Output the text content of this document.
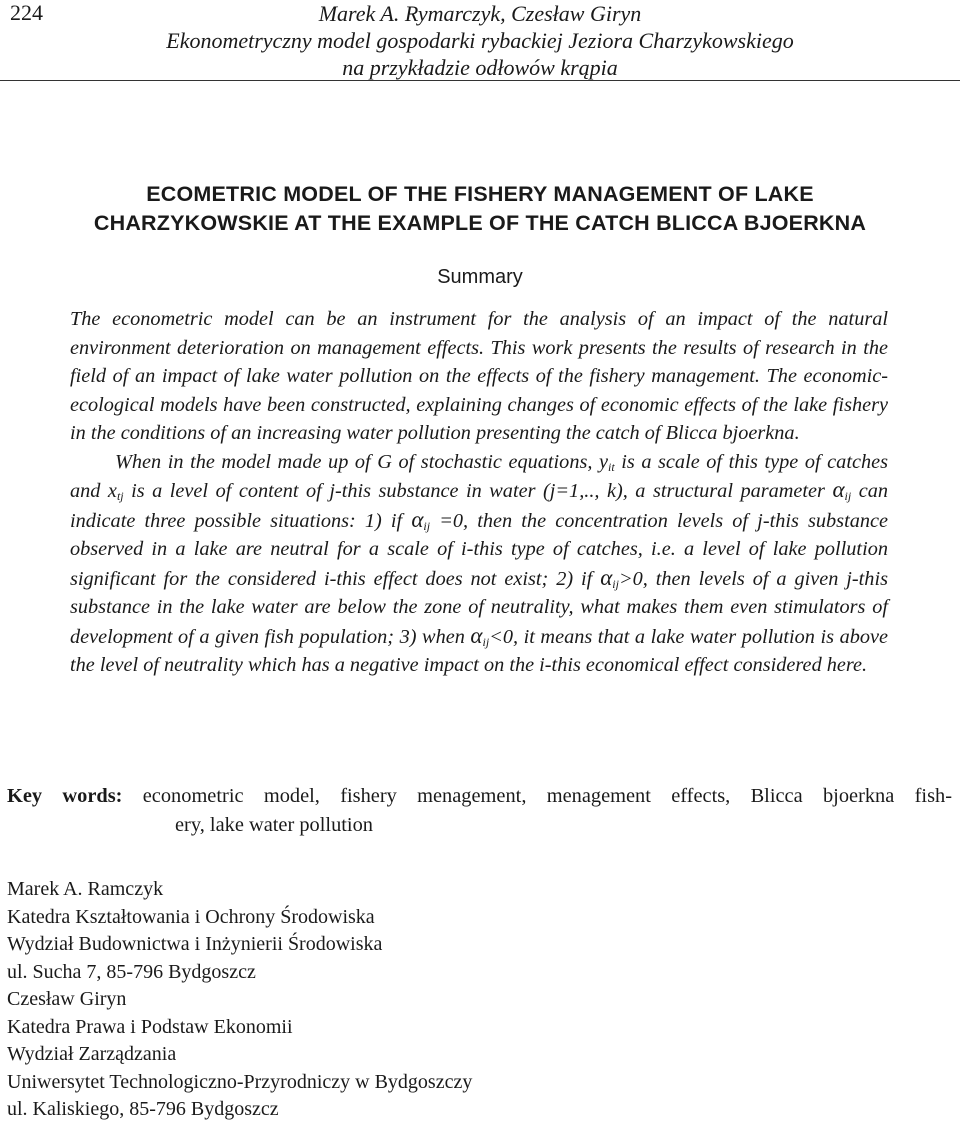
224	Marek A. Rymarczyk, Czesław Giryn
Ekonometryczny model gospodarki rybackiej Jeziora Charzykowskiego
na przykładzie odłowów krąpia
ECOMETRIC MODEL OF THE FISHERY MANAGEMENT OF LAKE
CHARZYKOWSKIE AT THE EXAMPLE OF THE CATCH BLICCA BJOERKNA
Summary

The econometric model can be an instrument for the analysis of an impact of the natural environment deterioration on management effects. This work presents the results of research in the field of an impact of lake water pollution on the effects of the fishery management. The economic-ecological models have been constructed, explaining changes of economic effects of the lake fishery in the conditions of an increasing water pollution presenting the catch of Blicca bjoerkna.

When in the model made up of G of stochastic equations, $y_{it}$ is a scale of this type of catches and $x_{tj}$ is a level of content of j-this substance in water (j=1,.., k), a structural parameter $\alpha_{ij}$ can indicate three possible situations: 1) if $\alpha_{ij} =0$, then the concentration levels of j-this substance observed in a lake are neutral for a scale of i-this type of catches, i.e. a level of lake pollution significant for the considered i-this effect does not exist; 2) if $\alpha_{ij}>0$, then levels of a given j-this substance in the lake water are below the zone of neutrality, what makes them even stimulators of development of a given fish population; 3) when $\alpha_{ij}<0$, it means that a lake water pollution is above the level of neutrality which has a negative impact on the i-this economical effect considered here.

Key words: econometric model, fishery menagement, menagement effects, Blicca bjoerkna fish-
ery, lake water pollution
Marek A. Ramczyk
Katedra Kształtowania i Ochrony Środowiska
Wydział Budownictwa i Inżynierii Środowiska
ul. Sucha 7, 85-796 Bydgoszcz
Czesław Giryn
Katedra Prawa i Podstaw Ekonomii
Wydział Zarządzania
Uniwersytet Technologiczno-Przyrodniczy w Bydgoszczy
ul. Kaliskiego, 85-796 Bydgoszcz
